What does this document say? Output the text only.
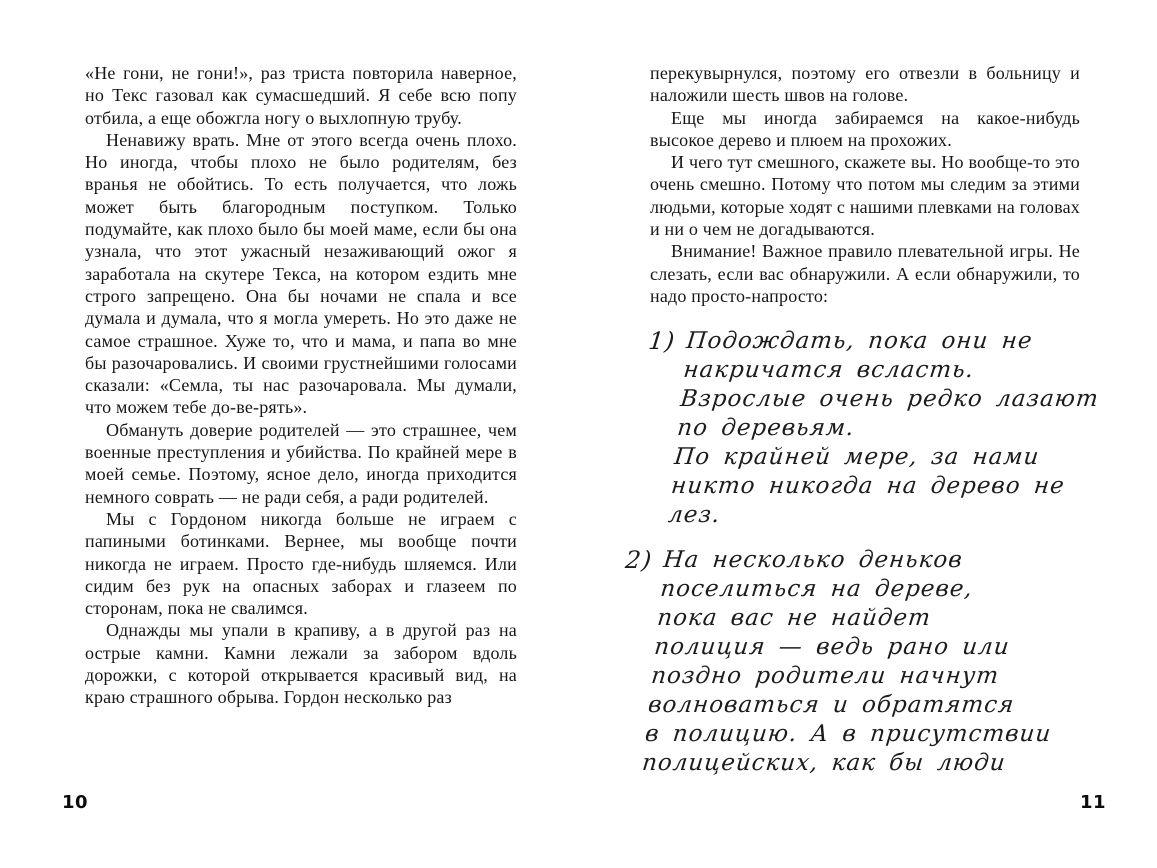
«Не гони, не гони!», раз триста повторила наверное, но Текс газовал как сумасшедший. Я себе всю попу отбила, а еще обожгла ногу о выхлопную трубу.

Ненавижу врать. Мне от этого всегда очень плохо. Но иногда, чтобы плохо не было родителям, без вранья не обойтись. То есть получается, что ложь может быть благородным поступком. Только подумайте, как плохо было бы моей маме, если бы она узнала, что этот ужасный незаживающий ожог я заработала на скутере Текса, на котором ездить мне строго запрещено. Она бы ночами не спала и все думала и думала, что я могла умереть. Но это даже не самое страшное. Хуже то, что и мама, и папа во мне бы разочаровались. И своими грустнейшими голосами сказали: «Семла, ты нас разочаровала. Мы думали, что можем тебе до-ве-рять».

Обмануть доверие родителей — это страшнее, чем военные преступления и убийства. По крайней мере в моей семье. Поэтому, ясное дело, иногда приходится немного соврать — не ради себя, а ради родителей.

Мы с Гордоном никогда больше не играем с папиными ботинками. Вернее, мы вообще почти никогда не играем. Просто где-нибудь шляемся. Или сидим без рук на опасных заборах и глазеем по сторонам, пока не свалимся.

Однажды мы упали в крапиву, а в другой раз на острые камни. Камни лежали за забором вдоль дорожки, с которой открывается красивый вид, на краю страшного обрыва. Гордон несколько раз

10

перекувырнулся, поэтому его отвезли в больницу и наложили шесть швов на голове.

Еще мы иногда забираемся на какое-нибудь высокое дерево и плюем на прохожих.

И чего тут смешного, скажете вы. Но вообще-то это очень смешно. Потому что потом мы следим за этими людьми, которые ходят с нашими плевками на головах и ни о чем не догадываются.

Внимание! Важное правило плевательной игры. Не слезать, если вас обнаружили. А если обнаружили, то надо просто-напросто:

1) Подождать, пока они не
накричатся всласть.
Взрослые очень редко лазают
по деревьям.
По крайней мере, за нами
никто никогда на дерево не
лез.
2) На несколько деньков
поселиться на дереве,
пока вас не найдет
полиция — ведь рано или
поздно родители начнут
волноваться и обратятся
в полицию. А в присутствии
полицейских, как бы люди
11
